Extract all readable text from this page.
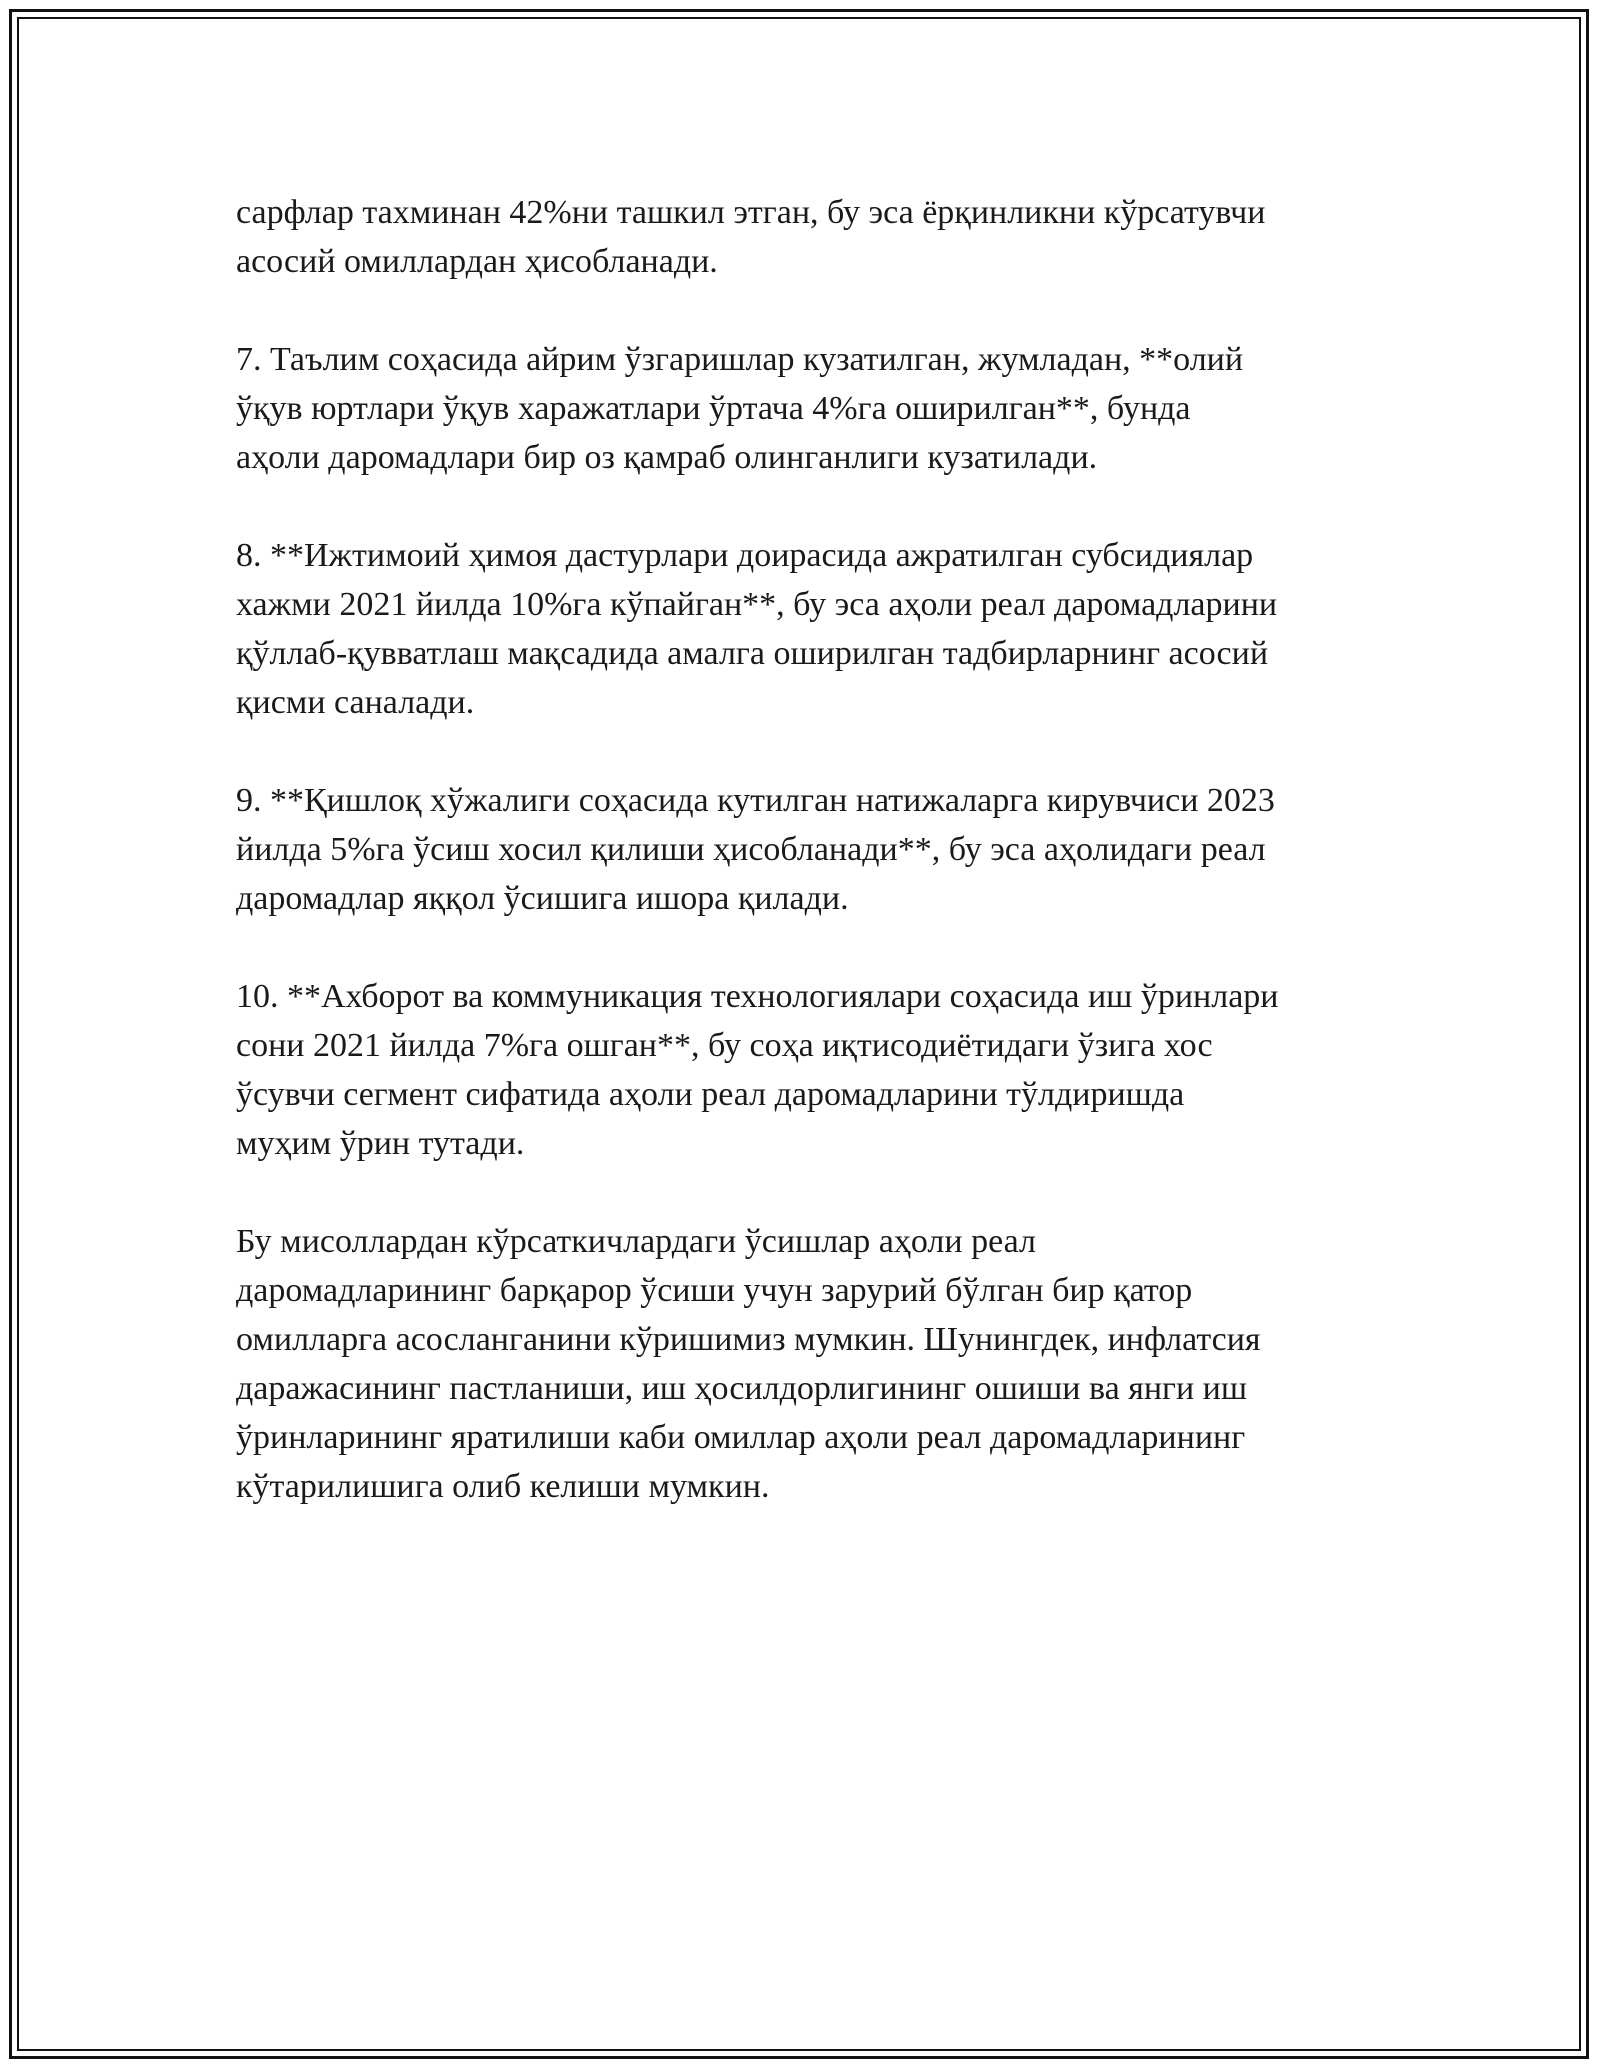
сарфлар тахминан 42%ни ташкил этган, бу эса ёрқинликни кўрсатувчи
асосий омиллардан ҳисобланади.

7. Таълим соҳасида айрим ўзгаришлар кузатилган, жумладан, **олий
ўқув юртлари ўқув харажатлари ўртача 4%га оширилган**, бунда
аҳоли даромадлари бир оз қамраб олинганлиги кузатилади.

8. **Ижтимоий ҳимоя дастурлари доирасида ажратилган субсидиялар
хажми 2021 йилда 10%га кўпайган**, бу эса аҳоли реал даромадларини
қўллаб-қувватлаш мақсадида амалга оширилган тадбирларнинг асосий
қисми саналади.

9. **Қишлоқ хўжалиги соҳасида кутилган натижаларга кирувчиси 2023
йилда 5%га ўсиш хосил қилиши ҳисобланади**, бу эса аҳолидаги реал
даромадлар яққол ўсишига ишора қилади.

10. **Ахборот ва коммуникация технологиялари соҳасида иш ўринлари
сони 2021 йилда 7%га ошган**, бу соҳа иқтисодиётидаги ўзига хос
ўсувчи сегмент сифатида аҳоли реал даромадларини тўлдиришда
муҳим ўрин тутади.

Бу мисоллардан кўрсаткичлардаги ўсишлар аҳоли реал
даромадларининг барқарор ўсиши учун зарурий бўлган бир қатор
омилларга асосланганини кўришимиз мумкин. Шунингдек, инфлатсия
даражасининг пастланиши, иш ҳосилдорлигининг ошиши ва янги иш
ўринларининг яратилиши каби омиллар аҳоли реал даромадларининг
кўтарилишига олиб келиши мумкин.
